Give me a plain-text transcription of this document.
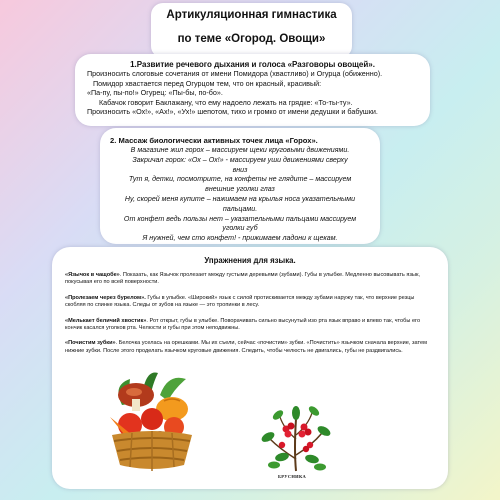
Артикуляционная гимнастика
по теме «Огород. Овощи»
1.Развитие речевого дыхания и голоса «Разговоры овощей».
Произносить слоговые сочетания от имени Помидора (хвастливо) и Огурца (обиженно).
Помидор хвастается перед Огурцом тем, что он красный, красивый:
«Па-пу, пы-по!» Огурец: «Пы-бы, по-бо».
Кабачок говорит Баклажану, что ему надоело лежать на грядке: «То-ты-ту».
Произносить «Ох!», «Ах!», «Ух!» шепотом, тихо и громко от имени дедушки и бабушки.
2. Массаж биологически активных точек лица «Горох».
В магазине жил горох – массируем щеки круговыми движениями.
Закричал горох: «Ох – Ох!» - массируем уши движениями сверху
вниз
Тут я, детки, посмотрите, на конфеты не глядите – массируем
внешние уголки глаз
Ну, скорей меня купите – нажимаем на крылья носа указательными
пальцами.
От конфет ведь пользы нет – указательными пальцами массируем
уголки губ
Я нужней, чем сто конфет! - прижимаем ладони к щекам.
Упражнения для языка.
«Язычок в чащобе». Показать, как Язычок пролезает между густыми деревьями (зубами). Губы в улыбке. Медленно высовывать язык, покусывая его по всей поверхности.
«Пролезаем через бурелом». Губы в улыбке. «Широкий» язык с силой протискивается между зубами наружу так, что верхние резцы скобляя по спинке языка. Следы от зубов на языке — это тропинки в лесу.
«Мелькает беличий хвостик». Рот открыт, губы в улыбке. Поворачивать сильно высунутый изо рта язык вправо и влево так, чтобы его кончик касался уголков рта. Челюсти и губы при этом неподвижны.
«Почистим зубки». Белочка уселась на орешками. Мы их съели, сейчас «почистим» зубки. «Почистить» язычком сначала верхние, затем нижние зубки. После этого проделать язычком круговые движения. Следить, чтобы челюсть не двигались, губы не раздвигались.
БРУСНИКА
